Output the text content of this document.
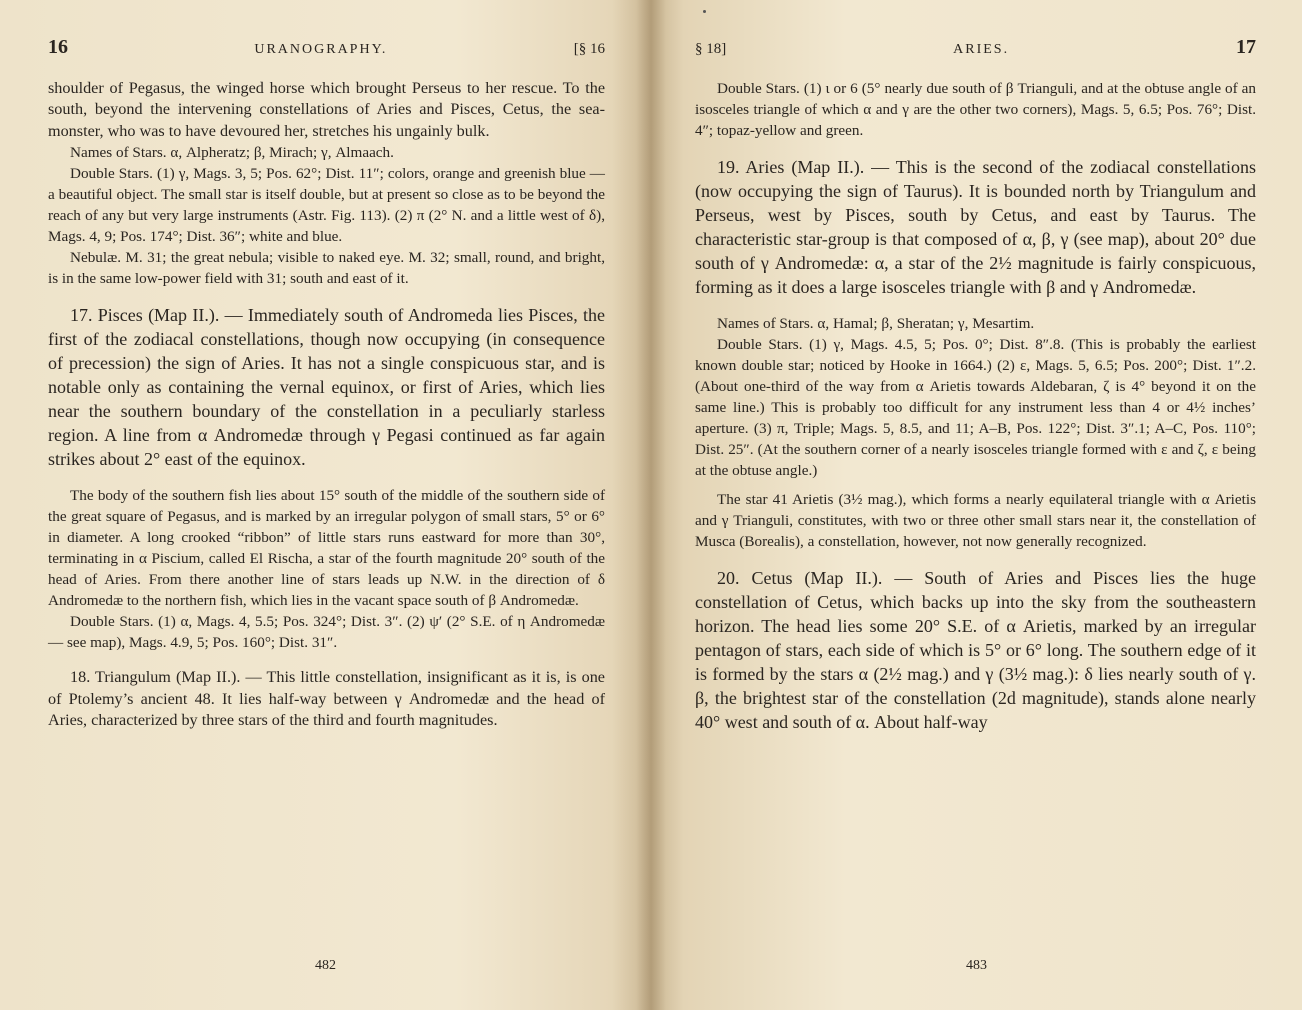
16	URANOGRAPHY.	[§ 16

shoulder of Pegasus, the winged horse which brought Perseus to her rescue. To the south, beyond the intervening constellations of Aries and Pisces, Cetus, the sea-monster, who was to have devoured her, stretches his ungainly bulk.

Names of Stars. α, Alpheratz; β, Mirach; γ, Almaach.

Double Stars. (1) γ, Mags. 3, 5; Pos. 62°; Dist. 11″; colors, orange and greenish blue — a beautiful object. The small star is itself double, but at present so close as to be beyond the reach of any but very large instruments (Astr. Fig. 113). (2) π (2° N. and a little west of δ), Mags. 4, 9; Pos. 174°; Dist. 36″; white and blue.

Nebulæ. M. 31; the great nebula; visible to naked eye. M. 32; small, round, and bright, is in the same low-power field with 31; south and east of it.

17. Pisces (Map II.). — Immediately south of Andromeda lies Pisces, the first of the zodiacal constellations, though now occupying (in consequence of precession) the sign of Aries. It has not a single conspicuous star, and is notable only as containing the vernal equinox, or first of Aries, which lies near the southern boundary of the constellation in a peculiarly starless region. A line from α Andromedæ through γ Pegasi continued as far again strikes about 2° east of the equinox.

The body of the southern fish lies about 15° south of the middle of the southern side of the great square of Pegasus, and is marked by an irregular polygon of small stars, 5° or 6° in diameter. A long crooked “ribbon” of little stars runs eastward for more than 30°, terminating in α Piscium, called El Rischa, a star of the fourth magnitude 20° south of the head of Aries. From there another line of stars leads up N.W. in the direction of δ Andromedæ to the northern fish, which lies in the vacant space south of β Andromedæ.

Double Stars. (1) α, Mags. 4, 5.5; Pos. 324°; Dist. 3″. (2) ψ′ (2° S.E. of η Andromedæ — see map), Mags. 4.9, 5; Pos. 160°; Dist. 31″.

18. Triangulum (Map II.). — This little constellation, insignificant as it is, is one of Ptolemy’s ancient 48. It lies half-way between γ Andromedæ and the head of Aries, characterized by three stars of the third and fourth magnitudes.

482
§ 18]	ARIES.	17

Double Stars. (1) ι or 6 (5° nearly due south of β Trianguli, and at the obtuse angle of an isosceles triangle of which α and γ are the other two corners), Mags. 5, 6.5; Pos. 76°; Dist. 4″; topaz-yellow and green.

19. Aries (Map II.). — This is the second of the zodiacal constellations (now occupying the sign of Taurus). It is bounded north by Triangulum and Perseus, west by Pisces, south by Cetus, and east by Taurus. The characteristic star-group is that composed of α, β, γ (see map), about 20° due south of γ Andromedæ: α, a star of the 2½ magnitude is fairly conspicuous, forming as it does a large isosceles triangle with β and γ Andromedæ.

Names of Stars. α, Hamal; β, Sheratan; γ, Mesartim.

Double Stars. (1) γ, Mags. 4.5, 5; Pos. 0°; Dist. 8″.8. (This is probably the earliest known double star; noticed by Hooke in 1664.) (2) ε, Mags. 5, 6.5; Pos. 200°; Dist. 1″.2. (About one-third of the way from α Arietis towards Aldebaran, ζ is 4° beyond it on the same line.) This is probably too difficult for any instrument less than 4 or 4½ inches’ aperture. (3) π, Triple; Mags. 5, 8.5, and 11; A–B, Pos. 122°; Dist. 3″.1; A–C, Pos. 110°; Dist. 25″. (At the southern corner of a nearly isosceles triangle formed with ε and ζ, ε being at the obtuse angle.)

The star 41 Arietis (3½ mag.), which forms a nearly equilateral triangle with α Arietis and γ Trianguli, constitutes, with two or three other small stars near it, the constellation of Musca (Borealis), a constellation, however, not now generally recognized.

20. Cetus (Map II.). — South of Aries and Pisces lies the huge constellation of Cetus, which backs up into the sky from the southeastern horizon. The head lies some 20° S.E. of α Arietis, marked by an irregular pentagon of stars, each side of which is 5° or 6° long. The southern edge of it is formed by the stars α (2½ mag.) and γ (3½ mag.): δ lies nearly south of γ. β, the brightest star of the constellation (2d magnitude), stands alone nearly 40° west and south of α. About half-way

483
